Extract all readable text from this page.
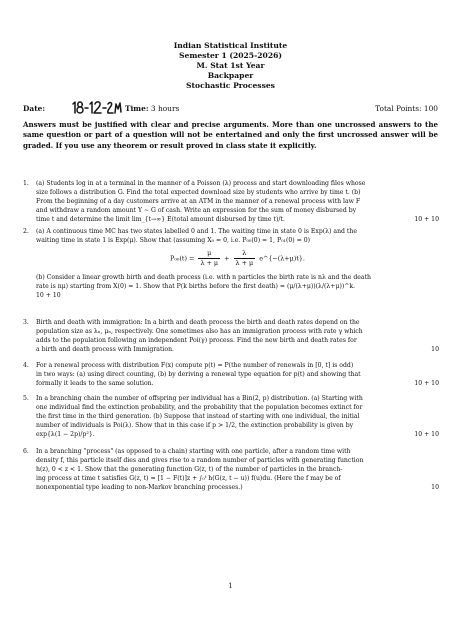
Indian Statistical Institute
Semester 1 (2025-2026)
M. Stat 1st Year
Backpaper
Stochastic Processes
Date:	Time: 3 hours	Total Points: 100
Answers must be justified with clear and precise arguments. More than one uncrossed answers to the same question or part of a question will not be entertained and only the first uncrossed answer will be graded. If you use any theorem or result proved in class state it explicitly.
1. (a) Students log in at a terminal in the manner of a Poisson (λ) process and start downloading files whose
size follows a distribution G. Find the total expected download size by students who arrive by time t. (b)
From the beginning of a day customers arrive at an ATM in the manner of a renewal process with law F
and withdraw a random amount Y ∼ G of cash. Write an expression for the sum of money disbursed by
time t and determine the limit lim_{t→∞} E(total amount disbursed by time t)/t.	10 + 10
2. (a) A continuous time MC has two states labelled 0 and 1. The waiting time in state 0 is Exp(λ) and the
waiting time in state 1 is Exp(μ). Show that (assuming X₀ = 0, i.e. P₀₀(0) = 1, P₀₁(0) = 0)
$P_{00}(t) = \frac{\mu}{\lambda + \mu} + \frac{\lambda}{\lambda + \mu}$ e^{−(λ+μ)t}.
(b) Consider a linear growth birth and death process (i.e. with n particles the birth rate is nλ and the death
rate is nμ) starting from X(0) = 1. Show that P(k births before the first death) = (μ/(λ+μ))(λ/(λ+μ))^k.
10 + 10
3. Birth and death with immigration: In a birth and death process the birth and death rates depend on the
population size as λₙ, μₙ, respectively. One sometimes also has an immigration process with rate γ which
adds to the population following an independent Poi(γ) process. Find the new birth and death rates for
a birth and death process with Immigration.	10
4. For a renewal process with distribution F(x) compute p(t) = P(the number of renewals in [0, t] is odd)
in two ways: (a) using direct counting, (b) by deriving a renewal type equation for p(t) and showing that
formally it leads to the same solution.	10 + 10
5. In a branching chain the number of offspring per individual has a Bin(2, p) distribution. (a) Starting with
one individual find the extinction probability, and the probability that the population becomes extinct for
the first time in the third generation. (b) Suppose that instead of starting with one individual, the initial
number of individuals is Poi(λ). Show that in this case if p > 1/2, the extinction probability is given by
exp{λ(1 − 2p)/p²}.	10 + 10
6. In a branching "process" (as opposed to a chain) starting with one particle, after a random time with
density f, this particle itself dies and gives rise to a random number of particles with generating function
h(z), 0 < z < 1. Show that the generating function G(z, t) of the number of particles in the branch-
ing process at time t satisfies G(z, t) = [1 − F(t)]z + ∫₀ᵗ h(G(z, t − u)) f(u)du. (Here the f may be of
nonexponential type leading to non-Markov branching processes.)	10
1
